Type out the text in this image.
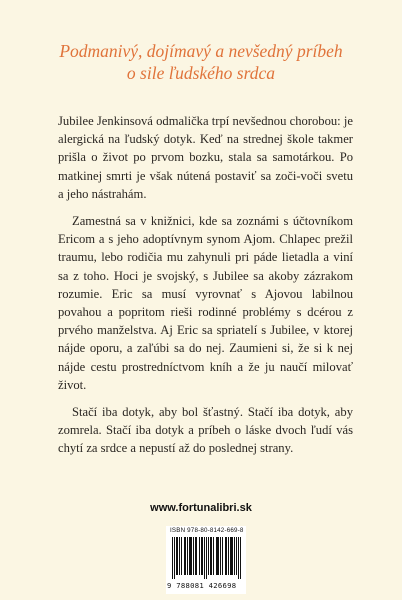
Podmanivý, dojímavý a nevšedný príbeh
o sile ľudského srdca

Jubilee Jenkinsová odmalička trpí nevšednou chorobou: je alergická na ľudský dotyk. Keď na strednej škole takmer prišla o život po prvom bozku, stala sa samotárkou. Po matkinej smrti je však nútená postaviť sa zoči-voči svetu a jeho nástrahám.

Zamestná sa v knižnici, kde sa zoznámi s účtovníkom Ericom a s jeho adoptívnym synom Ajom. Chlapec prežil traumu, lebo rodičia mu zahynuli pri páde lietadla a viní sa z toho. Hoci je svojský, s Jubilee sa akoby zázrakom rozumie. Eric sa musí vyrovnať s Ajovou labilnou povahou a popritom rieši rodinné problémy s dcérou z prvého manželstva. Aj Eric sa spriatelí s Jubilee, v ktorej nájde oporu, a zaľúbi sa do nej. Zaumieni si, že si k nej nájde cestu prostredníctvom kníh a že ju naučí milovať život.

Stačí iba dotyk, aby bol šťastný. Stačí iba dotyk, aby zomrela. Stačí iba dotyk a príbeh o láske dvoch ľudí vás chytí za srdce a nepustí až do poslednej strany.

www.fortunalibri.sk
ISBN 978-80-8142-669-8
9 788081 426698
